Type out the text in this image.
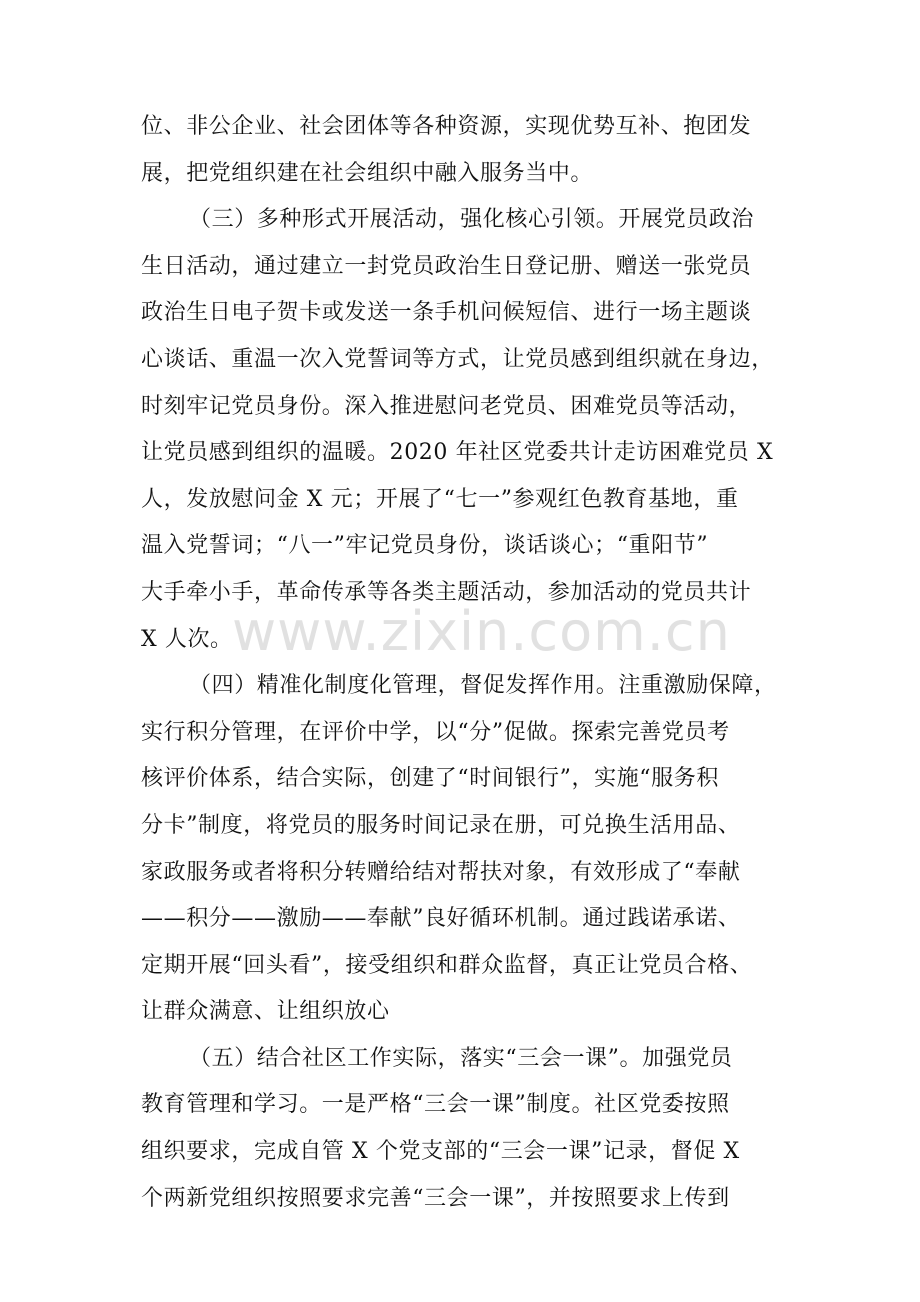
位、非公企业、社会团体等各种资源，实现优势互补、抱团发
展，把党组织建在社会组织中融入服务当中。
（三）多种形式开展活动，强化核心引领。开展党员政治
生日活动，通过建立一封党员政治生日登记册、赠送一张党员
政治生日电子贺卡或发送一条手机问候短信、进行一场主题谈
心谈话、重温一次入党誓词等方式，让党员感到组织就在身边，
时刻牢记党员身份。深入推进慰问老党员、困难党员等活动，
让党员感到组织的温暖。2020 年社区党委共计走访困难党员 X
人，发放慰问金 X 元；开展了“七一”参观红色教育基地，重
温入党誓词；“八一”牢记党员身份，谈话谈心；“重阳节”
大手牵小手，革命传承等各类主题活动，参加活动的党员共计
X 人次。
（四）精准化制度化管理，督促发挥作用。注重激励保障，
实行积分管理，在评价中学，以“分”促做。探索完善党员考
核评价体系，结合实际，创建了“时间银行”，实施“服务积
分卡”制度，将党员的服务时间记录在册，可兑换生活用品、
家政服务或者将积分转赠给结对帮扶对象，有效形成了“奉献
——积分——激励——奉献”良好循环机制。通过践诺承诺、
定期开展“回头看”，接受组织和群众监督，真正让党员合格、
让群众满意、让组织放心
（五）结合社区工作实际，落实“三会一课”。加强党员
教育管理和学习。一是严格“三会一课”制度。社区党委按照
组织要求，完成自管 X 个党支部的“三会一课”记录，督促 X
个两新党组织按照要求完善“三会一课”，并按照要求上传到
www.zixin.com.cn
